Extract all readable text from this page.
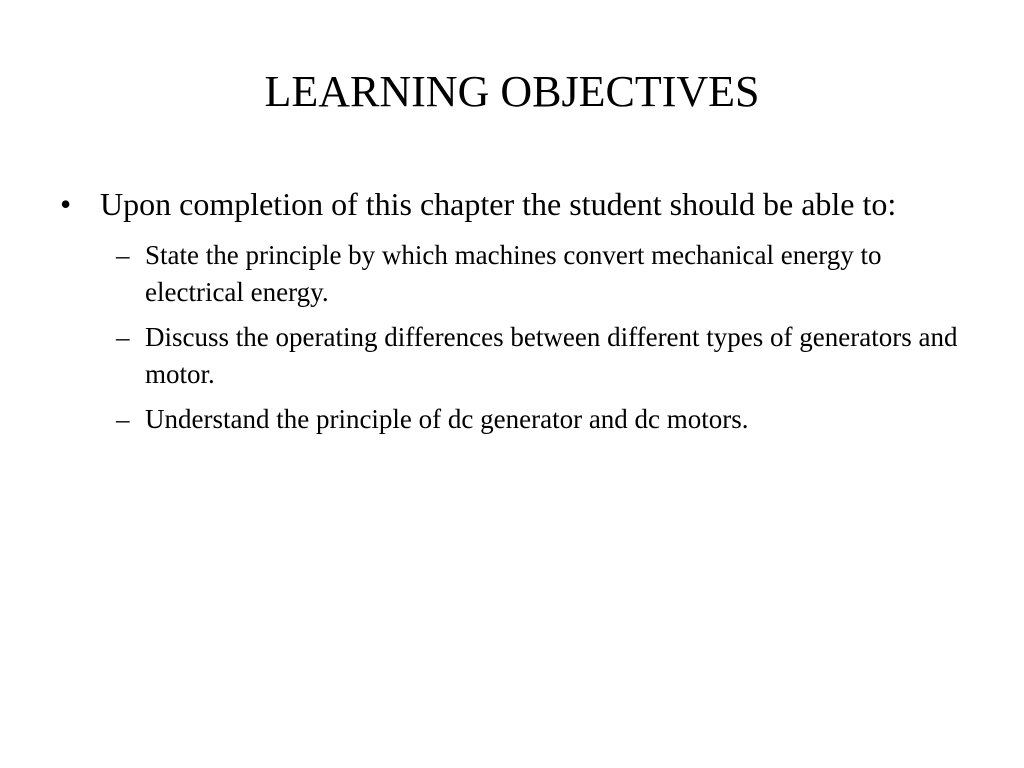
LEARNING OBJECTIVES
• Upon completion of this chapter the student should be able to:
– State the principle by which machines convert mechanical energy to electrical energy.
– Discuss the operating differences between different types of generators and motor.
– Understand the principle of dc generator and dc motors.
